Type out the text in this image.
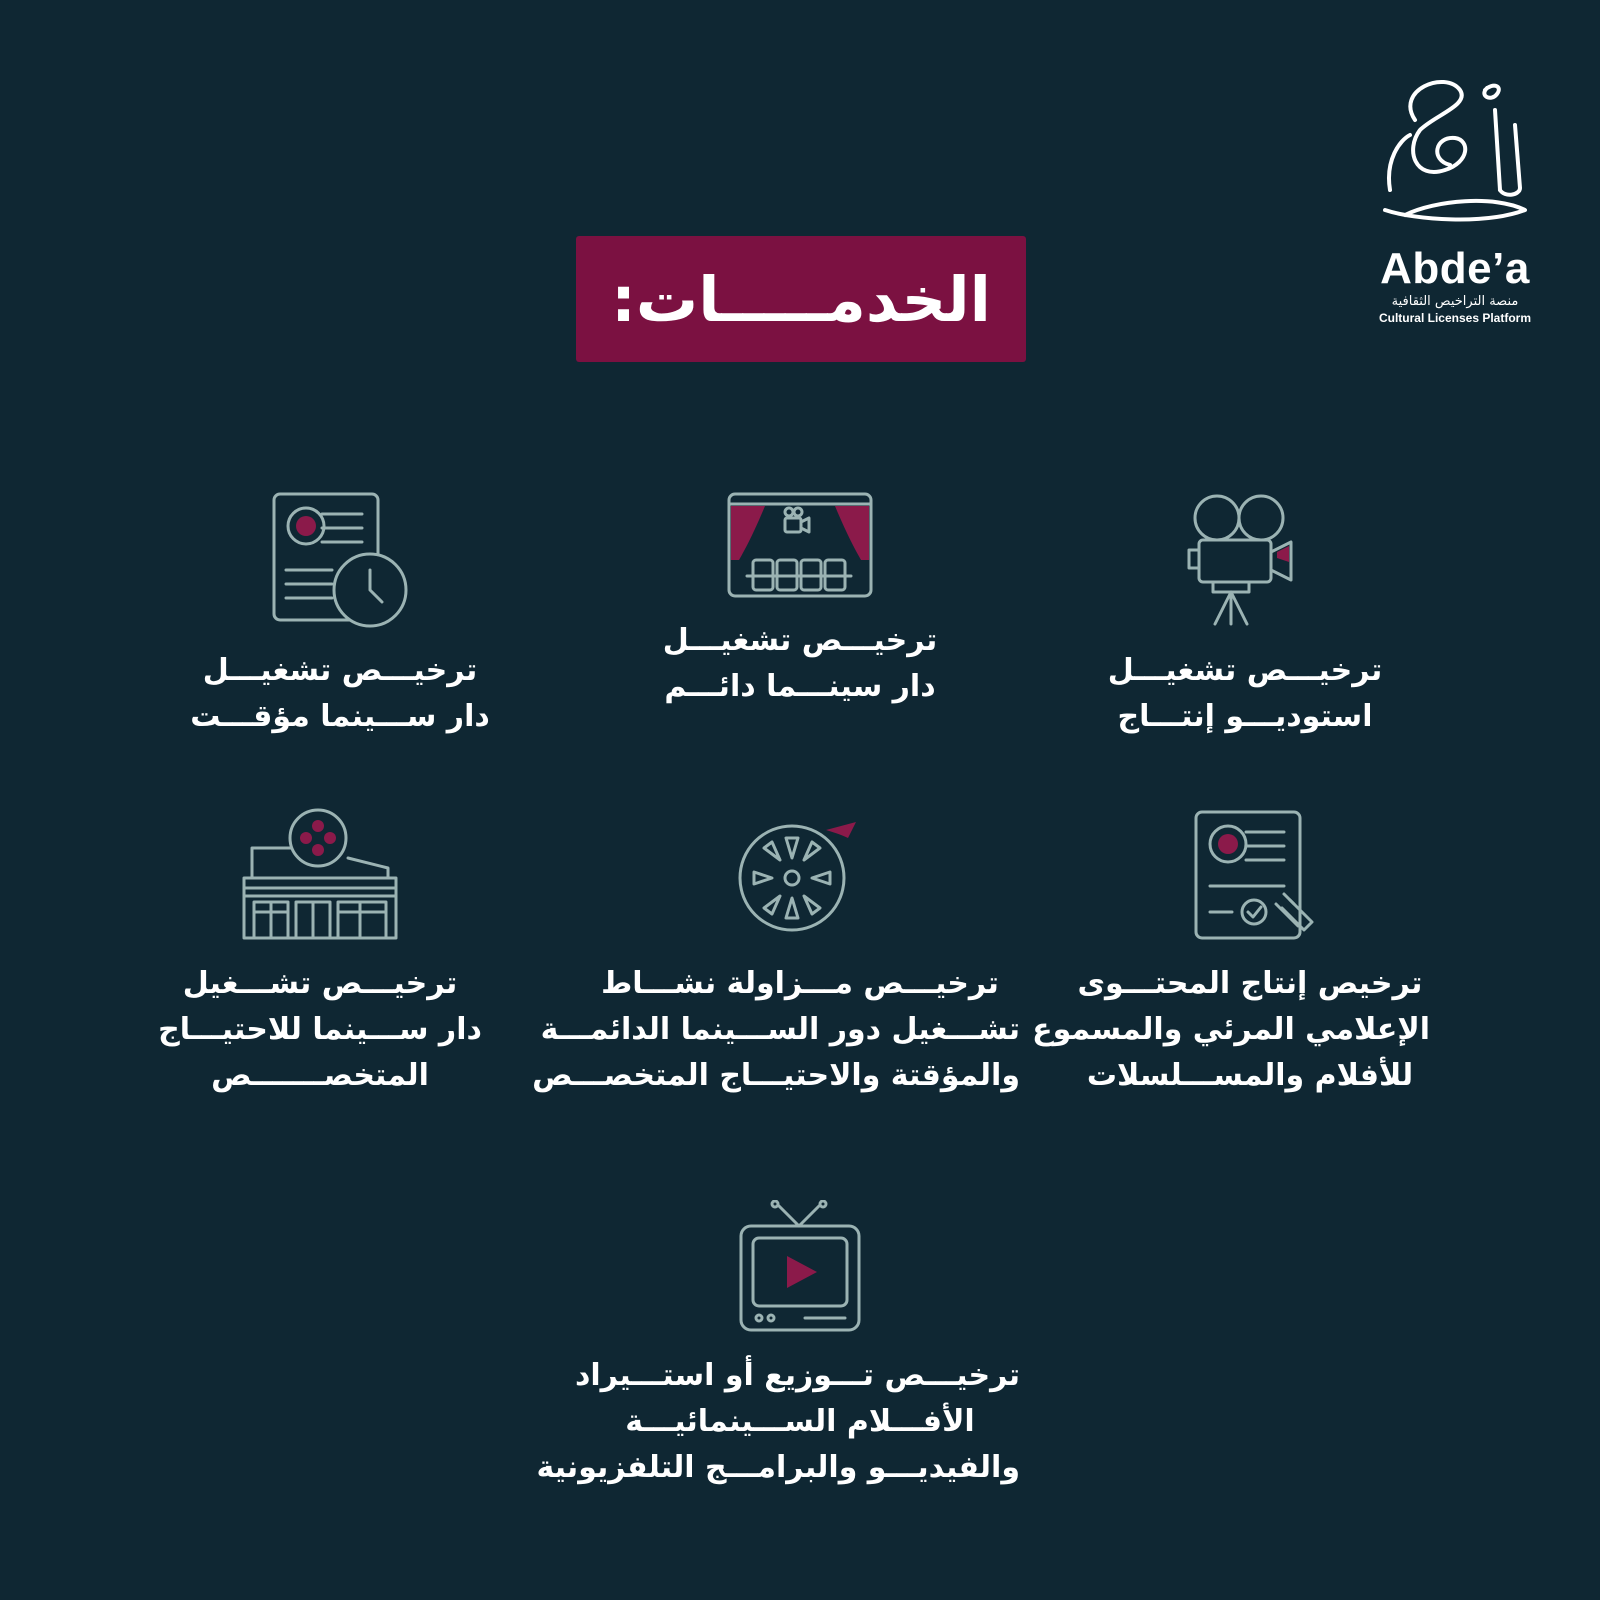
Abde’a
منصة التراخيص الثقافية
Cultural Licenses Platform
الخدمـــــات:
ترخيـــص تشغيـــل
استوديـــو إنتـــاج
ترخيـــص تشغيـــل
دار سينـــما دائـــم
ترخيـــص تشغيـــل
دار ســـينما مؤقـــت
ترخيص إنتاج المحتـــوى
الإعلامي المرئي والمسموع
للأفلام والمســـلسلات
ترخيـــص مـــزاولة نشـــاط
تشـــغيل دور الســـينما الدائمـــة
والمؤقتة والاحتيـــاج المتخصـــص
ترخيـــص تشـــغيل
دار ســـينما للاحتيـــاج
المتخصـــــــص
ترخيـــص تـــوزيع أو استـــيراد
الأفـــلام الســـينمائيـــة
والفيديـــو والبرامـــج التلفزيونية
